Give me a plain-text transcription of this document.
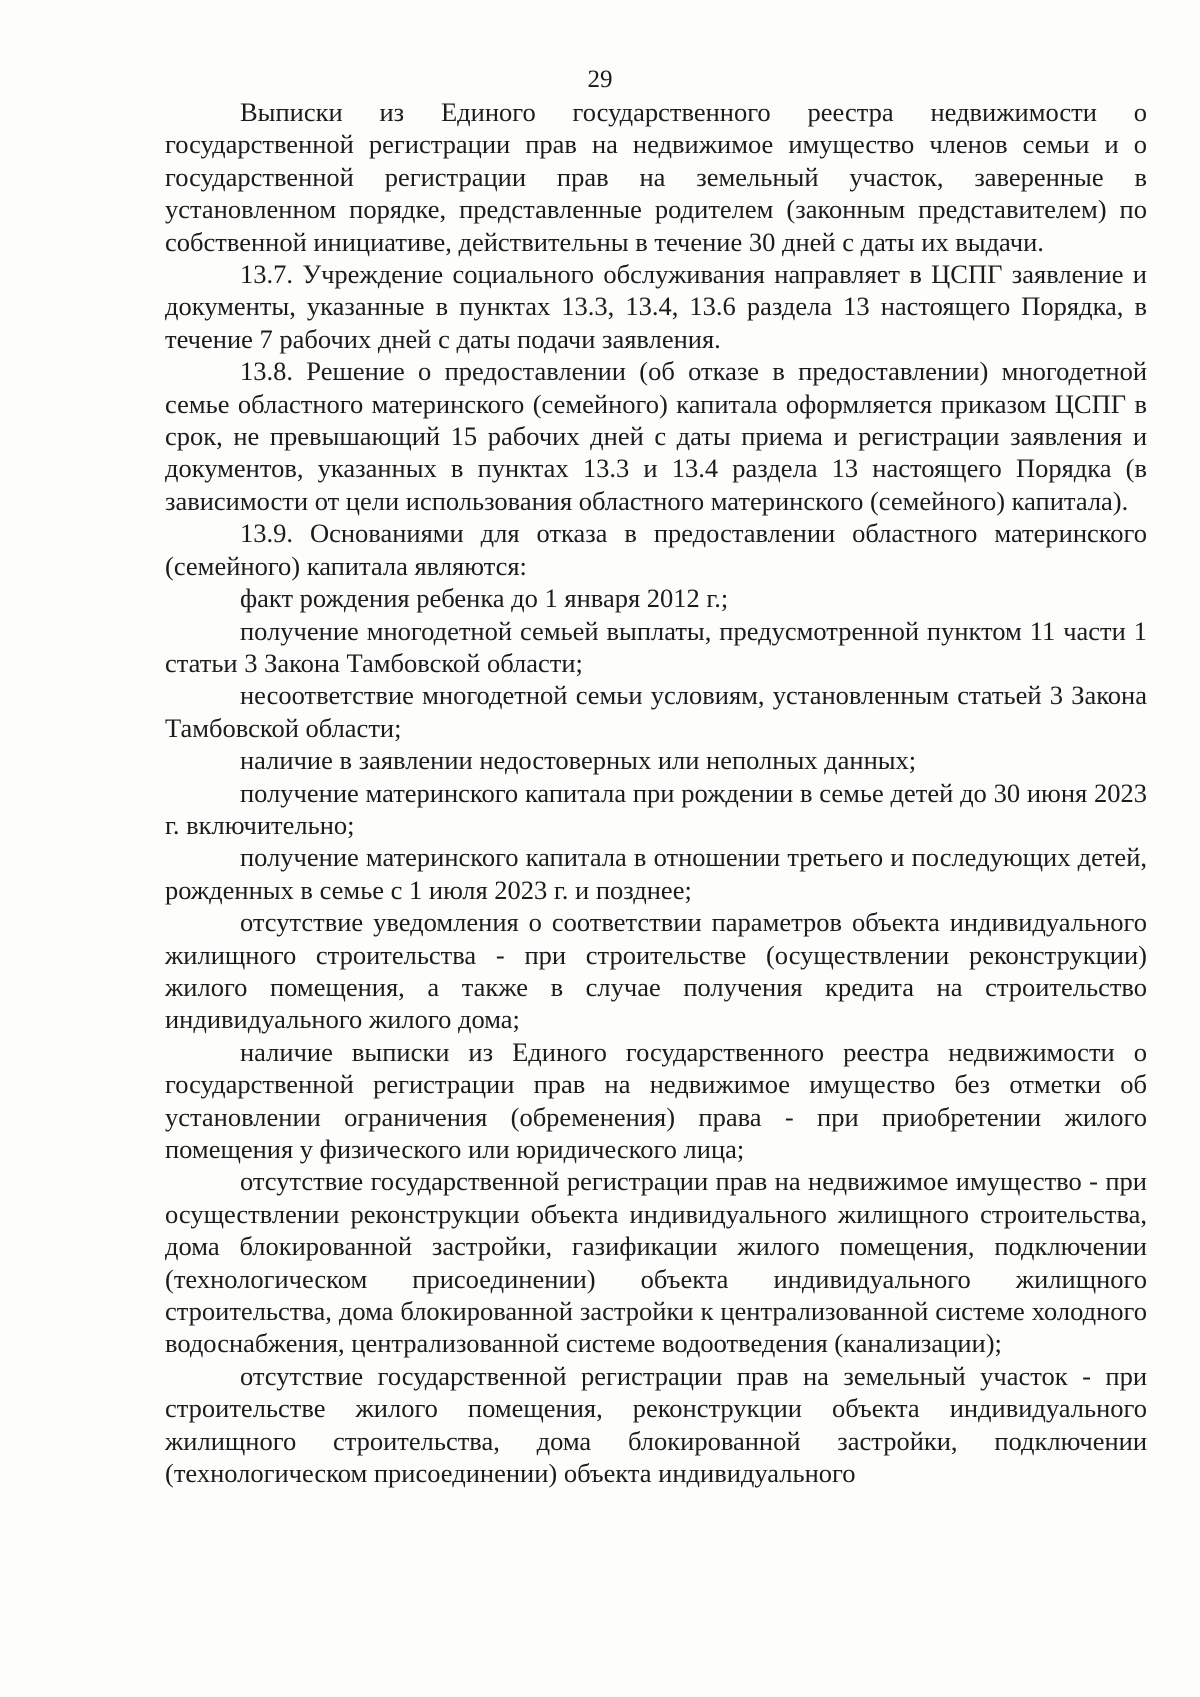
29

Выписки из Единого государственного реестра недвижимости о государственной регистрации прав на недвижимое имущество членов семьи и о государственной регистрации прав на земельный участок, заверенные в установленном порядке, представленные родителем (законным представителем) по собственной инициативе, действительны в течение 30 дней с даты их выдачи.

13.7. Учреждение социального обслуживания направляет в ЦСПГ заявление и документы, указанные в пунктах 13.3, 13.4, 13.6 раздела 13 настоящего Порядка, в течение 7 рабочих дней с даты подачи заявления.

13.8. Решение о предоставлении (об отказе в предоставлении) многодетной семье областного материнского (семейного) капитала оформляется приказом ЦСПГ в срок, не превышающий 15 рабочих дней с даты приема и регистрации заявления и документов, указанных в пунктах 13.3 и 13.4 раздела 13 настоящего Порядка (в зависимости от цели использования областного материнского (семейного) капитала).

13.9. Основаниями для отказа в предоставлении областного материнского (семейного) капитала являются:

факт рождения ребенка до 1 января 2012 г.;

получение многодетной семьей выплаты, предусмотренной пунктом 11 части 1 статьи 3 Закона Тамбовской области;

несоответствие многодетной семьи условиям, установленным статьей 3 Закона Тамбовской области;

наличие в заявлении недостоверных или неполных данных;

получение материнского капитала при рождении в семье детей до 30 июня 2023 г. включительно;

получение материнского капитала в отношении третьего и последующих детей, рожденных в семье с 1 июля 2023 г. и позднее;

отсутствие уведомления о соответствии параметров объекта индивидуального жилищного строительства - при строительстве (осуществлении реконструкции) жилого помещения, а также в случае получения кредита на строительство индивидуального жилого дома;

наличие выписки из Единого государственного реестра недвижимости о государственной регистрации прав на недвижимое имущество без отметки об установлении ограничения (обременения) права - при приобретении жилого помещения у физического или юридического лица;

отсутствие государственной регистрации прав на недвижимое имущество - при осуществлении реконструкции объекта индивидуального жилищного строительства, дома блокированной застройки, газификации жилого помещения, подключении (технологическом присоединении) объекта индивидуального жилищного строительства, дома блокированной застройки к централизованной системе холодного водоснабжения, централизованной системе водоотведения (канализации);

отсутствие государственной регистрации прав на земельный участок - при строительстве жилого помещения, реконструкции объекта индивидуального жилищного строительства, дома блокированной застройки, подключении (технологическом присоединении) объекта индивидуального
